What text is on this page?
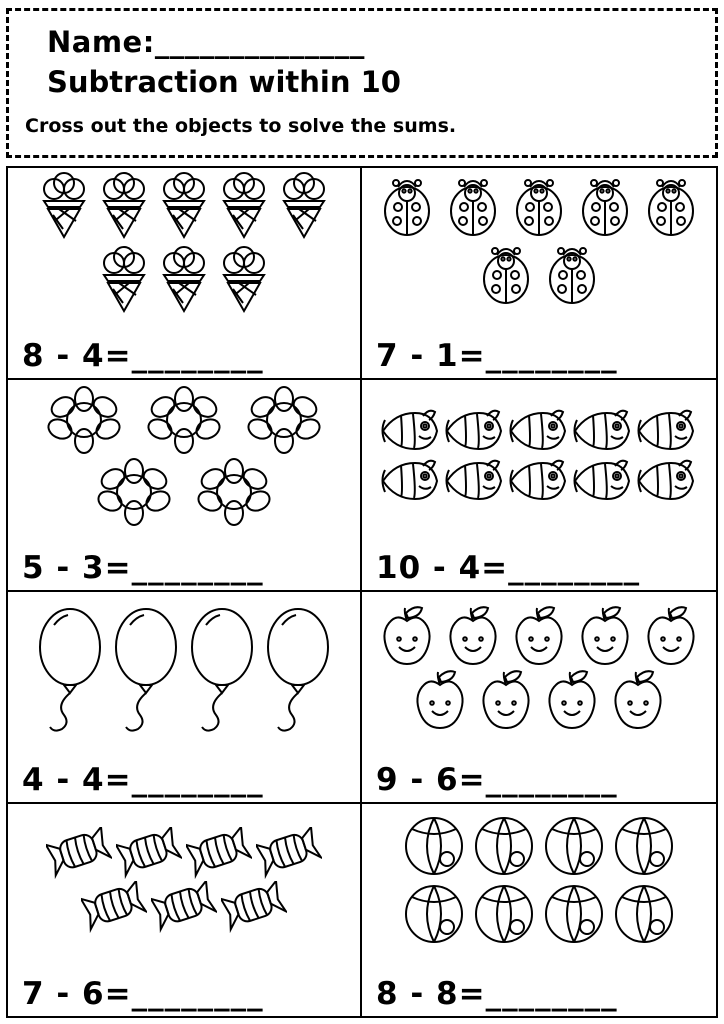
Name:______________
Subtraction within 10
Cross out the objects to solve the sums.
8 - 4=________	7 - 1=________
5 - 3=________	10 - 4=________
4 - 4=________	9 - 6=________
7 - 6=________	8 - 8=________
